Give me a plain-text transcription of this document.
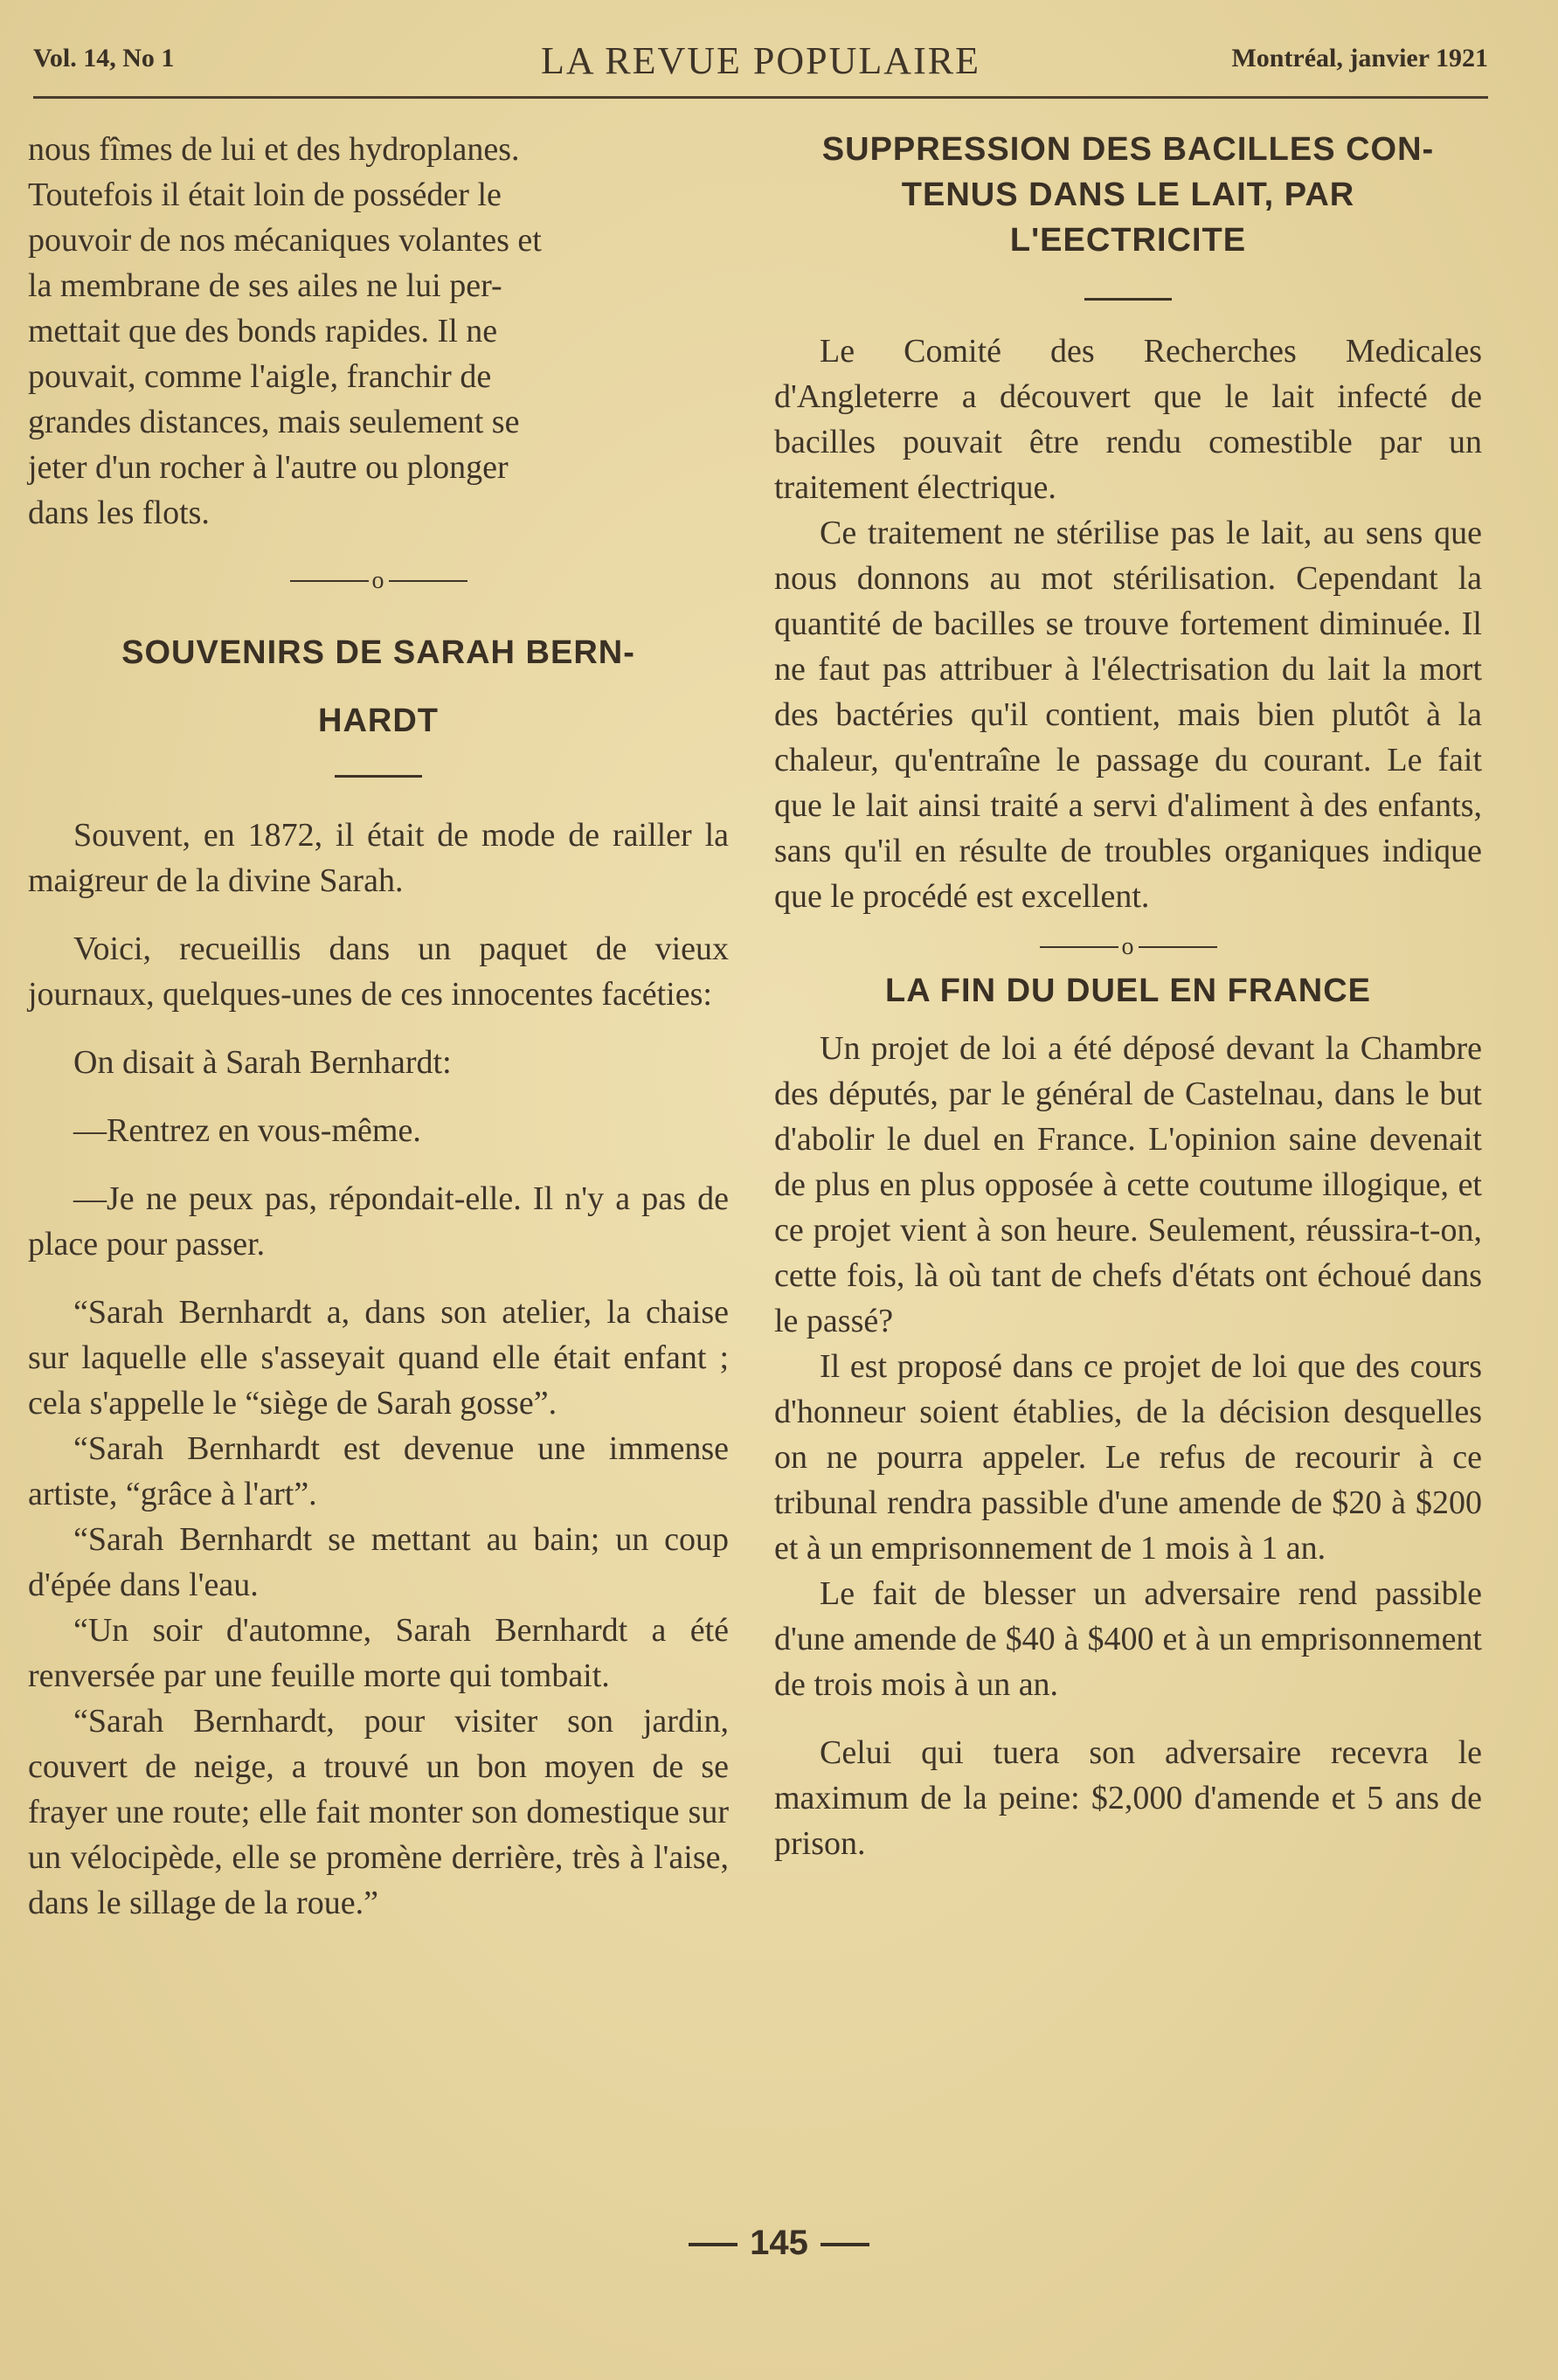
Vol. 14, No 1	LA REVUE POPULAIRE	Montréal, janvier 1921

nous fîmes de lui et des hydroplanes.

Toutefois il était loin de posséder le

pouvoir de nos mécaniques volantes et

la membrane de ses ailes ne lui per-

mettait que des bonds rapides. Il ne

pouvait, comme l'aigle, franchir de

grandes distances, mais seulement se

jeter d'un rocher à l'autre ou plonger

dans les flots.

o
SOUVENIRS DE SARAH BERN-
HARDT

Souvent, en 1872, il était de mode de railler la maigreur de la divine Sarah.

Voici, recueillis dans un paquet de vieux journaux, quelques-unes de ces innocentes facéties:

On disait à Sarah Bernhardt:

—Rentrez en vous-même.

—Je ne peux pas, répondait-elle. Il n'y a pas de place pour passer.

“Sarah Bernhardt a, dans son atelier, la chaise sur laquelle elle s'asseyait quand elle était enfant ; cela s'appelle le “siège de Sarah gosse”.

“Sarah Bernhardt est devenue une immense artiste, “grâce à l'art”.

“Sarah Bernhardt se mettant au bain; un coup d'épée dans l'eau.

“Un soir d'automne, Sarah Bernhardt a été renversée par une feuille morte qui tombait.

“Sarah Bernhardt, pour visiter son jardin, couvert de neige, a trouvé un bon moyen de se frayer une route; elle fait monter son domestique sur un vélocipède, elle se promène derrière, très à l'aise, dans le sillage de la roue.”

SUPPRESSION DES BACILLES CON-
TENUS DANS LE LAIT, PAR
L'EECTRICITE

Le Comité des Recherches Medicales d'Angleterre a découvert que le lait infecté de bacilles pouvait être rendu comestible par un traitement électrique.

Ce traitement ne stérilise pas le lait, au sens que nous donnons au mot stérilisation. Cependant la quantité de bacilles se trouve fortement diminuée. Il ne faut pas attribuer à l'électrisation du lait la mort des bactéries qu'il contient, mais bien plutôt à la chaleur, qu'entraîne le passage du courant. Le fait que le lait ainsi traité a servi d'aliment à des enfants, sans qu'il en résulte de troubles organiques indique que le procédé est excellent.

o
LA FIN DU DUEL EN FRANCE

Un projet de loi a été déposé devant la Chambre des députés, par le général de Castelnau, dans le but d'abolir le duel en France. L'opinion saine devenait de plus en plus opposée à cette coutume illogique, et ce projet vient à son heure. Seulement, réussira-t-on, cette fois, là où tant de chefs d'états ont échoué dans le passé?

Il est proposé dans ce projet de loi que des cours d'honneur soient établies, de la décision desquelles on ne pourra appeler. Le refus de recourir à ce tribunal rendra passible d'une amende de $20 à $200 et à un emprisonnement de 1 mois à 1 an.

Le fait de blesser un adversaire rend passible d'une amende de $40 à $400 et à un emprisonnement de trois mois à un an.

Celui qui tuera son adversaire recevra le maximum de la peine: $2,000 d'amende et 5 ans de prison.

145
